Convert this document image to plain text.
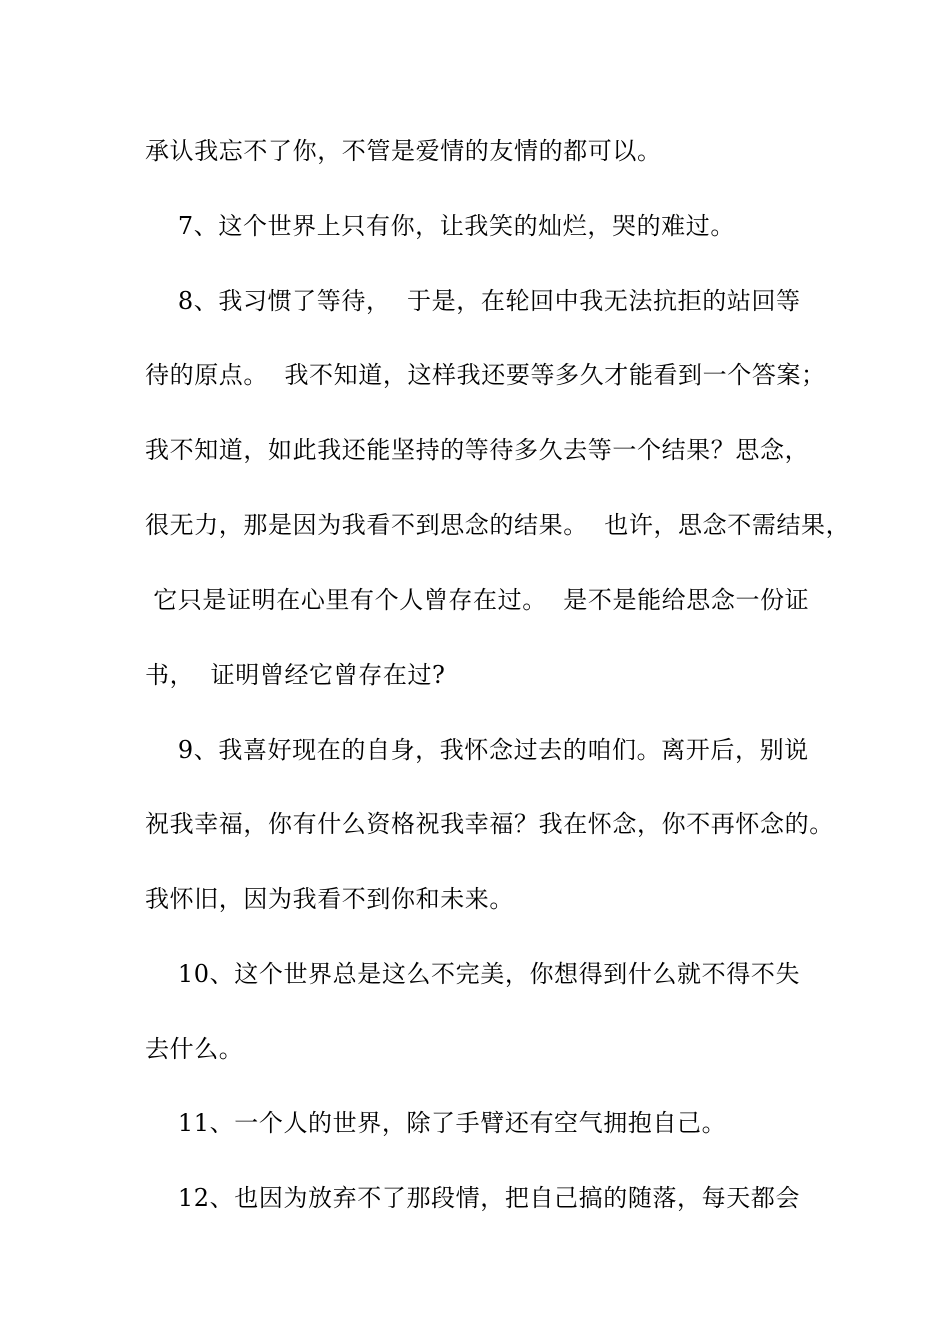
承认我忘不了你，不管是爱情的友情的都可以。
7、这个世界上只有你，让我笑的灿烂，哭的难过。
8、我习惯了等待，  于是，在轮回中我无法抗拒的站回等
待的原点。  我不知道，这样我还要等多久才能看到一个答案；
我不知道，如此我还能坚持的等待多久去等一个结果？思念，
很无力，那是因为我看不到思念的结果。  也许，思念不需结果，
它只是证明在心里有个人曾存在过。  是不是能给思念一份证
书，  证明曾经它曾存在过?
9、我喜好现在的自身，我怀念过去的咱们。离开后，别说
祝我幸福，你有什么资格祝我幸福？我在怀念，你不再怀念的。
我怀旧，因为我看不到你和未来。
10、这个世界总是这么不完美，你想得到什么就不得不失
去什么。
11、一个人的世界，除了手臂还有空气拥抱自己。
12、也因为放弃不了那段情，把自己搞的随落，每天都会
